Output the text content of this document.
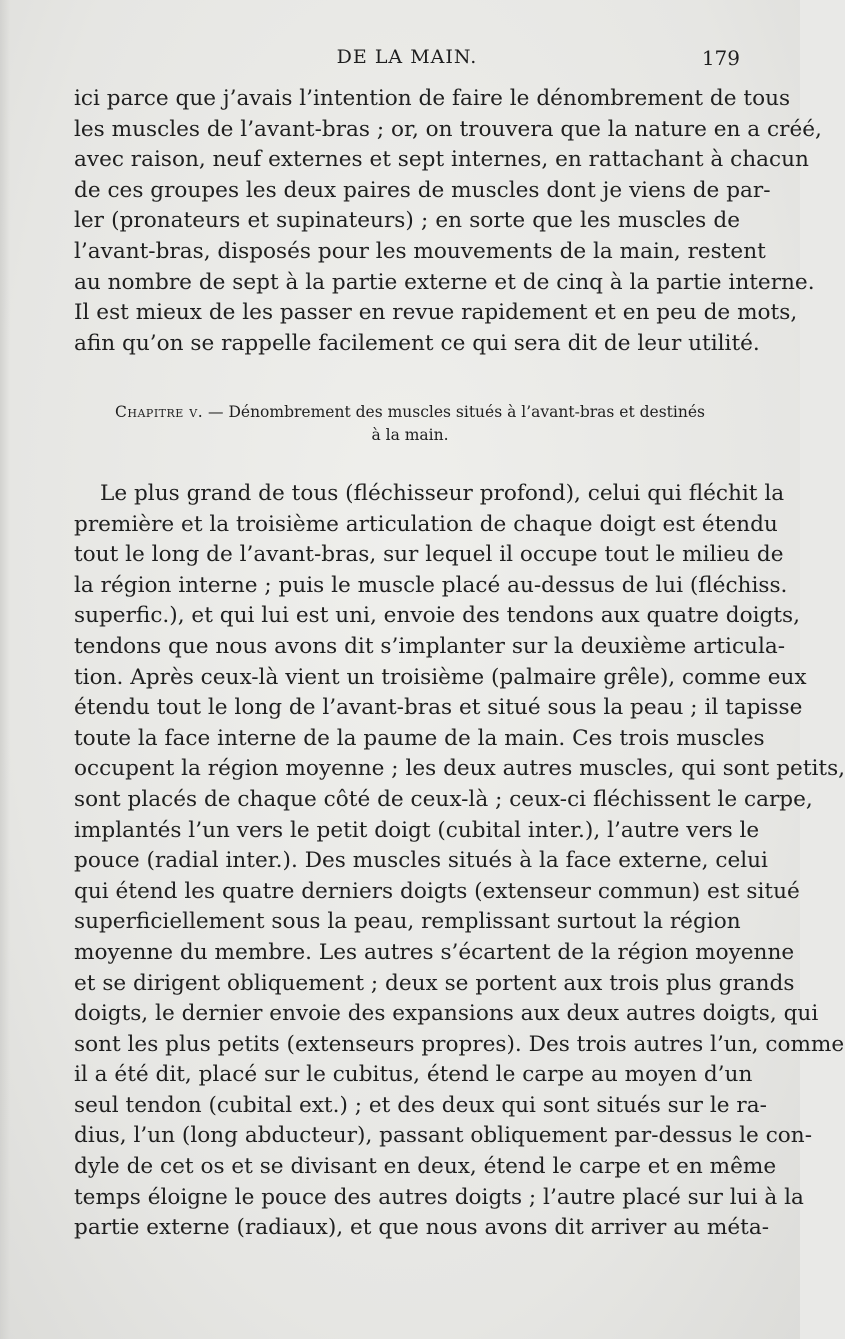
DE LA MAIN.	179
ici parce que j’avais l’intention de faire le dénombrement de tous
les muscles de l’avant-bras ; or, on trouvera que la nature en a créé,
avec raison, neuf externes et sept internes, en rattachant à chacun
de ces groupes les deux paires de muscles dont je viens de par-
ler (pronateurs et supinateurs) ; en sorte que les muscles de
l’avant-bras, disposés pour les mouvements de la main, restent
au nombre de sept à la partie externe et de cinq à la partie interne.
Il est mieux de les passer en revue rapidement et en peu de mots,
afin qu’on se rappelle facilement ce qui sera dit de leur utilité.
Chapitre v. — Dénombrement des muscles situés à l’avant-bras et destinés
à la main.
Le plus grand de tous (fléchisseur profond), celui qui fléchit la
première et la troisième articulation de chaque doigt est étendu
tout le long de l’avant-bras, sur lequel il occupe tout le milieu de
la région interne ; puis le muscle placé au-dessus de lui (fléchiss.
superfic.), et qui lui est uni, envoie des tendons aux quatre doigts,
tendons que nous avons dit s’implanter sur la deuxième articula-
tion. Après ceux-là vient un troisième (palmaire grêle), comme eux
étendu tout le long de l’avant-bras et situé sous la peau ; il tapisse
toute la face interne de la paume de la main. Ces trois muscles
occupent la région moyenne ; les deux autres muscles, qui sont petits,
sont placés de chaque côté de ceux-là ; ceux-ci fléchissent le carpe,
implantés l’un vers le petit doigt (cubital inter.), l’autre vers le
pouce (radial inter.). Des muscles situés à la face externe, celui
qui étend les quatre derniers doigts (extenseur commun) est situé
superficiellement sous la peau, remplissant surtout la région
moyenne du membre. Les autres s’écartent de la région moyenne
et se dirigent obliquement ; deux se portent aux trois plus grands
doigts, le dernier envoie des expansions aux deux autres doigts, qui
sont les plus petits (extenseurs propres). Des trois autres l’un, comme
il a été dit, placé sur le cubitus, étend le carpe au moyen d’un
seul tendon (cubital ext.) ; et des deux qui sont situés sur le ra-
dius, l’un (long abducteur), passant obliquement par-dessus le con-
dyle de cet os et se divisant en deux, étend le carpe et en même
temps éloigne le pouce des autres doigts ; l’autre placé sur lui à la
partie externe (radiaux), et que nous avons dit arriver au méta-
